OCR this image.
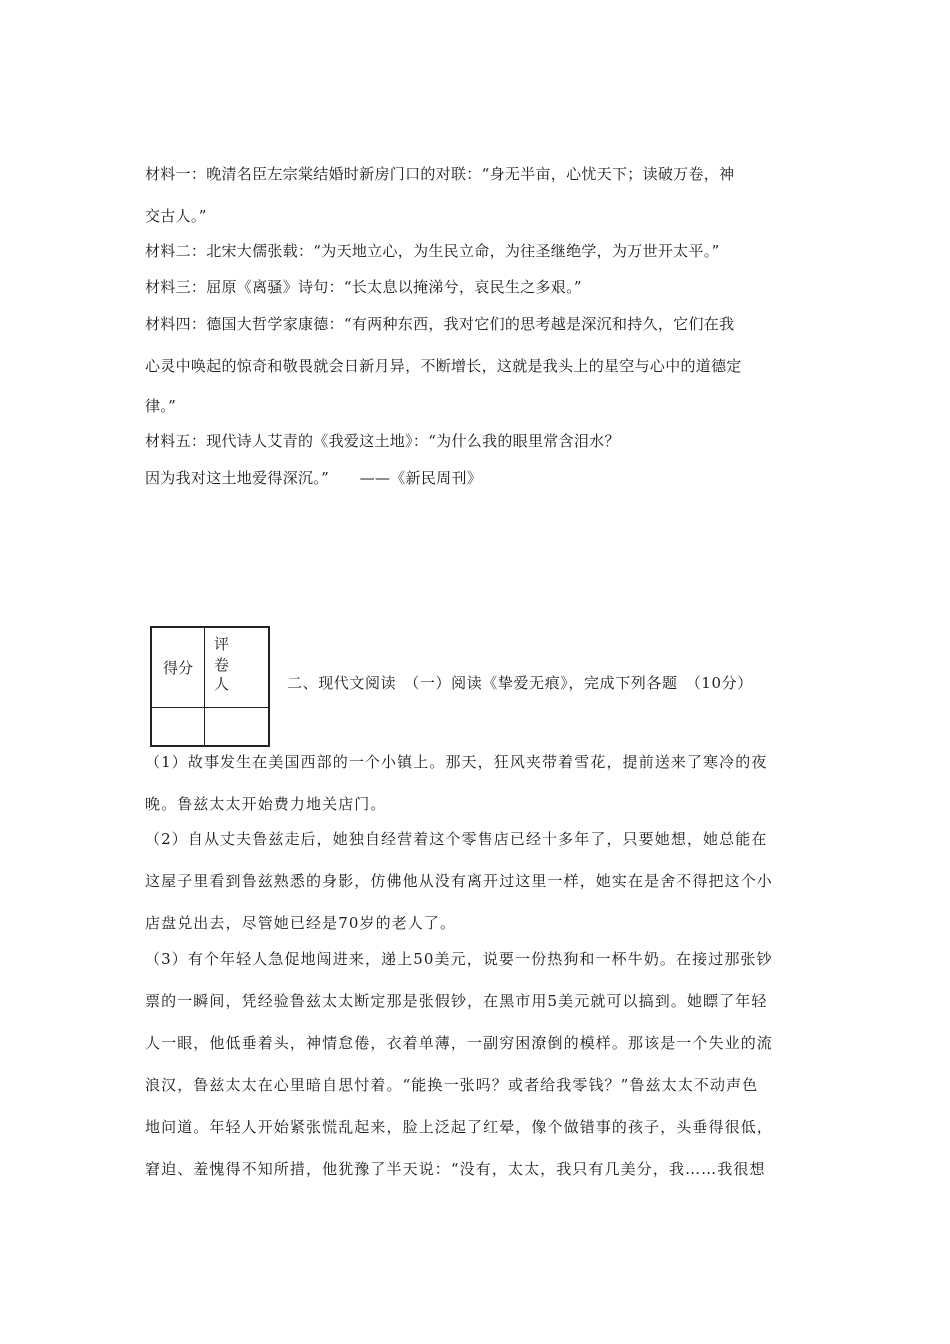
材料一：晚清名臣左宗棠结婚时新房门口的对联：“身无半亩，心忧天下；读破万卷，神
交古人。”
材料二：北宋大儒张载：“为天地立心，为生民立命，为往圣继绝学，为万世开太平。”
材料三：屈原《离骚》诗句：“长太息以掩涕兮，哀民生之多艰。”
材料四：德国大哲学家康德：“有两种东西，我对它们的思考越是深沉和持久，它们在我
心灵中唤起的惊奇和敬畏就会日新月异，不断增长，这就是我头上的星空与心中的道德定
律。”
材料五：现代诗人艾青的《我爱这土地》：“为什么我的眼里常含泪水？
因为我对这土地爱得深沉。”　　——《新民周刊》
得分
评卷
人	二、现代文阅读　（一）阅读《挚爱无痕》，完成下列各题　（10分）
（1）故事发生在美国西部的一个小镇上。那天，狂风夹带着雪花，提前送来了寒冷的夜
晚。鲁兹太太开始费力地关店门。
（2）自从丈夫鲁兹走后，她独自经营着这个零售店已经十多年了，只要她想，她总能在
这屋子里看到鲁兹熟悉的身影，仿佛他从没有离开过这里一样，她实在是舍不得把这个小
店盘兑出去，尽管她已经是70岁的老人了。
（3）有个年轻人急促地闯进来，递上50美元，说要一份热狗和一杯牛奶。在接过那张钞
票的一瞬间，凭经验鲁兹太太断定那是张假钞，在黑市用5美元就可以搞到。她瞟了年轻
人一眼，他低垂着头，神情怠倦，衣着单薄，一副穷困潦倒的模样。那该是一个失业的流
浪汉，鲁兹太太在心里暗自思忖着。“能换一张吗？或者给我零钱？”鲁兹太太不动声色
地问道。年轻人开始紧张慌乱起来，脸上泛起了红晕，像个做错事的孩子，头垂得很低，
窘迫、羞愧得不知所措，他犹豫了半天说：“没有，太太，我只有几美分，我……我很想
